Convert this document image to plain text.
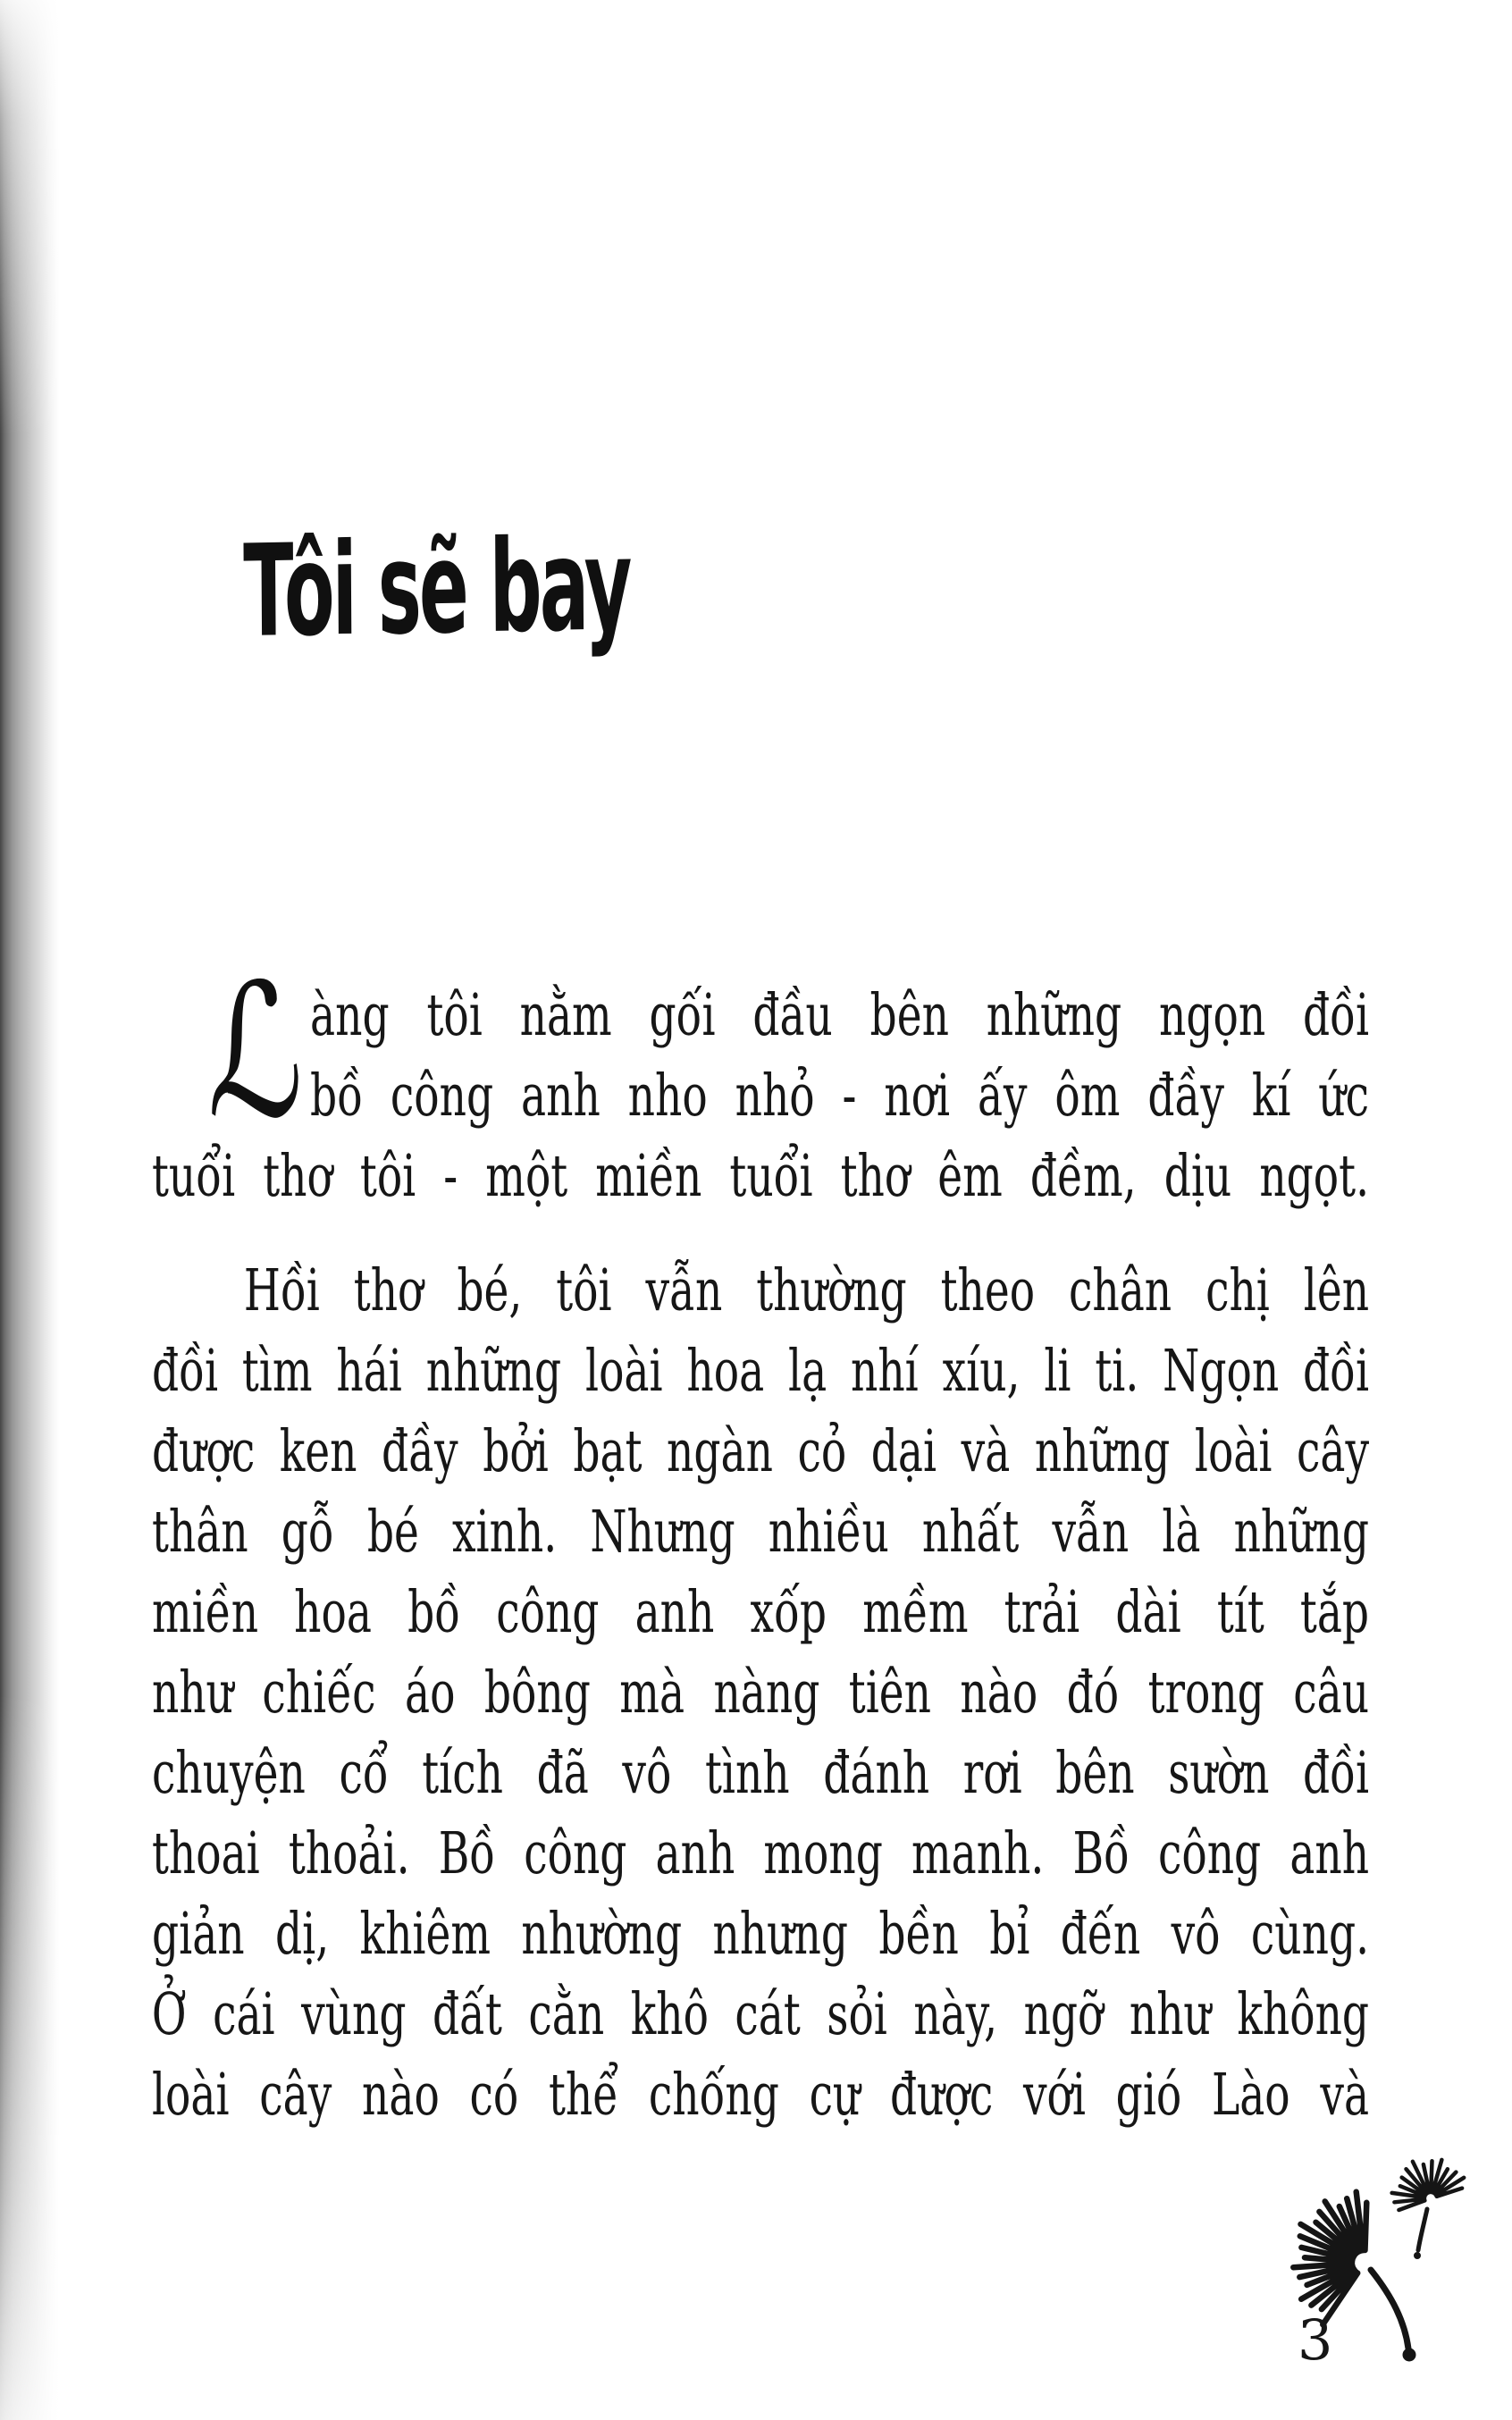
Tôi sẽ bay

ℒ àng tôi nằm gối đầu bên những ngọn đồi
bồ công anh nho nhỏ - nơi ấy ôm đầy kí ức
tuổi thơ tôi - một miền tuổi thơ êm đềm, dịu ngọt.

Hồi thơ bé, tôi vẫn thường theo chân chị lên
đồi tìm hái những loài hoa lạ nhí xíu, li ti. Ngọn đồi
được ken đầy bởi bạt ngàn cỏ dại và những loài cây
thân gỗ bé xinh. Nhưng nhiều nhất vẫn là những
miền hoa bồ công anh xốp mềm trải dài tít tắp
như chiếc áo bông mà nàng tiên nào đó trong câu
chuyện cổ tích đã vô tình đánh rơi bên sườn đồi
thoai thoải. Bồ công anh mong manh. Bồ công anh
giản dị, khiêm nhường nhưng bền bỉ đến vô cùng.
Ở cái vùng đất cằn khô cát sỏi này, ngỡ như không
loài cây nào có thể chống cự được với gió Lào và

3
